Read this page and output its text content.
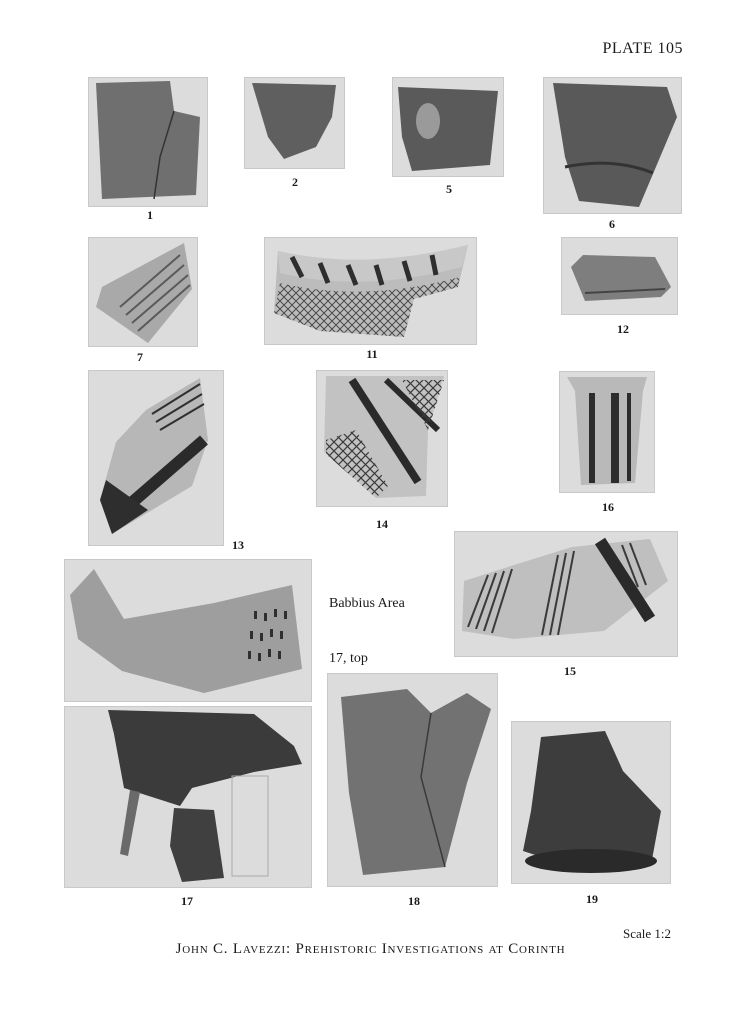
PLATE 105
1
2	5
6
7	11
12
13
14
16
Babbius Area
17, top
15
17	18	19
Scale 1:2
John C. Lavezzi: Prehistoric Investigations at Corinth
